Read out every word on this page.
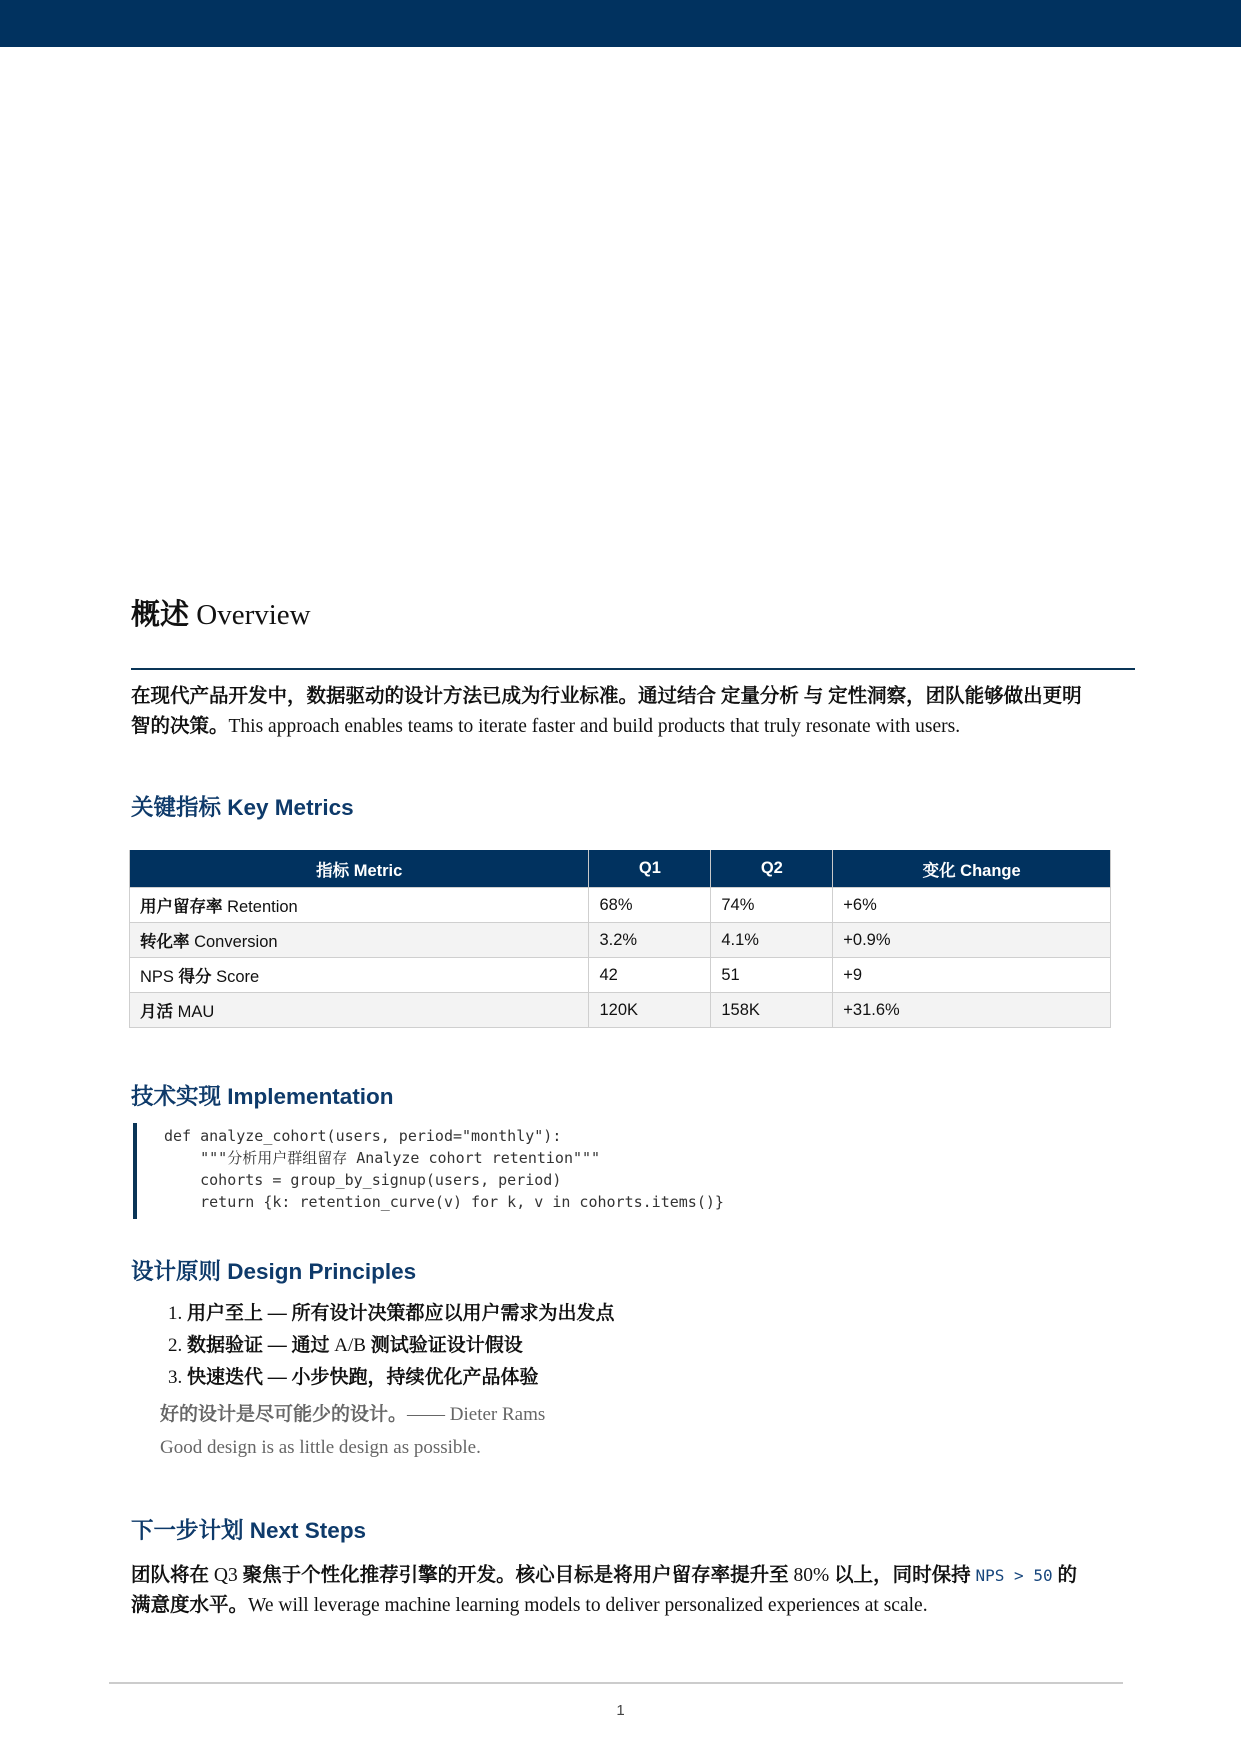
概述 Overview
在现代产品开发中，数据驱动的设计方法已成为行业标准。通过结合 定量分析 与 定性洞察，团队能够做出更明
智的决策。This approach enables teams to iterate faster and build products that truly resonate with users.
关键指标 Key Metrics
指标 Metric	Q1	Q2	变化 Change
用户留存率 Retention	68%	74%	+6%
转化率 Conversion	3.2%	4.1%	+0.9%
NPS 得分 Score	42	51	+9
月活 MAU	120K	158K	+31.6%
技术实现 Implementation
def analyze_cohort(users, period="monthly"):
"""分析用户群组留存 Analyze cohort retention"""
cohorts = group_by_signup(users, period)
return {k: retention_curve(v) for k, v in cohorts.items()}
设计原则 Design Principles
1. 用户至上 — 所有设计决策都应以用户需求为出发点
2. 数据验证 — 通过 A/B 测试验证设计假设
3. 快速迭代 — 小步快跑，持续优化产品体验
好的设计是尽可能少的设计。—— Dieter Rams
Good design is as little design as possible.
下一步计划 Next Steps
团队将在 Q3 聚焦于个性化推荐引擎的开发。核心目标是将用户留存率提升至 80% 以上，同时保持 NPS > 50 的
满意度水平。We will leverage machine learning models to deliver personalized experiences at scale.
1
